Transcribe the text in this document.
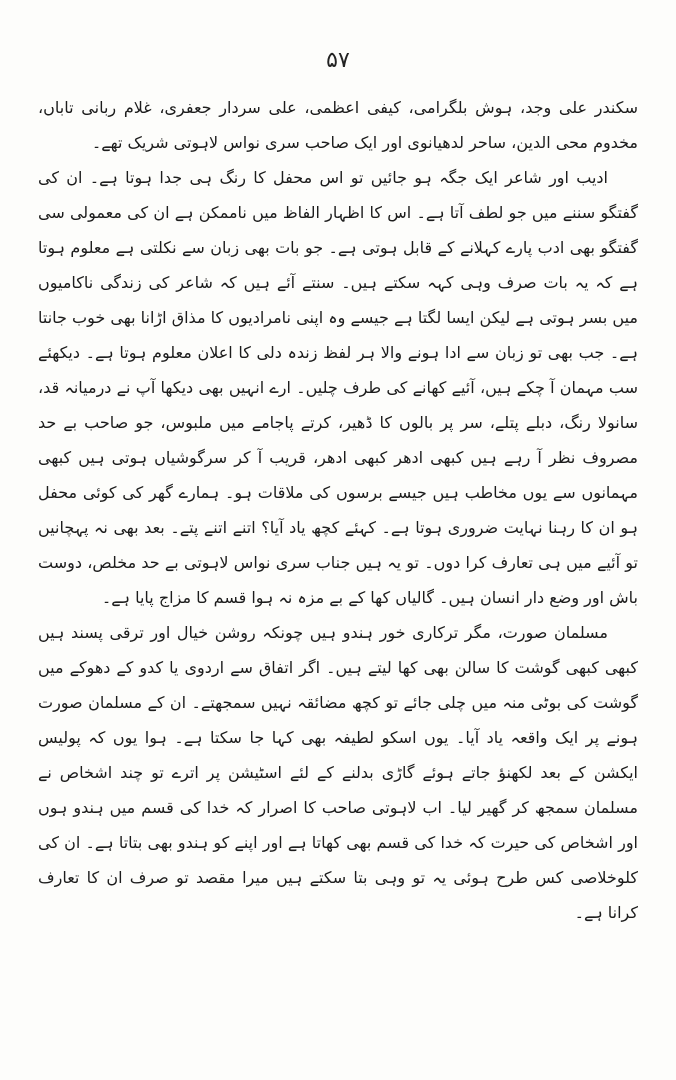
۵۷

سکندر علی وجد، ہوش بلگرامی، کیفی اعظمی، علی سردار جعفری، غلام ربانی تاباں، مخدوم محی الدین، ساحر لدھیانوی اور ایک صاحب سری نواس لاہوتی شریک تھے۔

ادیب اور شاعر ایک جگہ ہو جائیں تو اس محفل کا رنگ ہی جدا ہوتا ہے۔ ان کی گفتگو سننے میں جو لطف آتا ہے۔ اس کا اظہار الفاظ میں ناممکن ہے ان کی معمولی سی گفتگو بھی ادب پارے کہلانے کے قابل ہوتی ہے۔ جو بات بھی زبان سے نکلتی ہے معلوم ہوتا ہے کہ یہ بات صرف وہی کہہ سکتے ہیں۔ سنتے آئے ہیں کہ شاعر کی زندگی ناکامیوں میں بسر ہوتی ہے لیکن ایسا لگتا ہے جیسے وہ اپنی نامرادیوں کا مذاق اڑانا بھی خوب جانتا ہے۔ جب بھی تو زبان سے ادا ہونے والا ہر لفظ زندہ دلی کا اعلان معلوم ہوتا ہے۔ دیکھئے سب مہمان آ چکے ہیں، آئیے کھانے کی طرف چلیں۔ ارے انہیں بھی دیکھا آپ نے درمیانہ قد، سانولا رنگ، دبلے پتلے، سر پر بالوں کا ڈھیر، کرتے پاجامے میں ملبوس، جو صاحب بے حد مصروف نظر آ رہے ہیں کبھی ادھر کبھی ادھر، قریب آ کر سرگوشیاں ہوتی ہیں کبھی مہمانوں سے یوں مخاطب ہیں جیسے برسوں کی ملاقات ہو۔ ہمارے گھر کی کوئی محفل ہو ان کا رہنا نہایت ضروری ہوتا ہے۔ کہئے کچھ یاد آیا؟ اتنے اتنے پتے۔ بعد بھی نہ پہچانیں تو آئیے میں ہی تعارف کرا دوں۔ تو یہ ہیں جناب سری نواس لاہوتی بے حد مخلص، دوست باش اور وضع دار انسان ہیں۔ گالیاں کھا کے بے مزہ نہ ہوا قسم کا مزاج پایا ہے۔

مسلمان صورت، مگر ترکاری خور ہندو ہیں چونکہ روشن خیال اور ترقی پسند ہیں کبھی کبھی گوشت کا سالن بھی کھا لیتے ہیں۔ اگر اتفاق سے اردوی یا کدو کے دھوکے میں گوشت کی بوٹی منہ میں چلی جائے تو کچھ مضائقہ نہیں سمجھتے۔ ان کے مسلمان صورت ہونے پر ایک واقعہ یاد آیا۔ یوں اسکو لطیفہ بھی کہا جا سکتا ہے۔ ہوا یوں کہ پولیس ایکشن کے بعد لکھنؤ جاتے ہوئے گاڑی بدلنے کے لئے اسٹیشن پر اترے تو چند اشخاص نے مسلمان سمجھ کر گھیر لیا۔ اب لاہوتی صاحب کا اصرار کہ خدا کی قسم میں ہندو ہوں اور اشخاص کی حیرت کہ خدا کی قسم بھی کھاتا ہے اور اپنے کو ہندو بھی بتاتا ہے۔ ان کی کلوخلاصی کس طرح ہوئی یہ تو وہی بتا سکتے ہیں میرا مقصد تو صرف ان کا تعارف کرانا ہے۔
